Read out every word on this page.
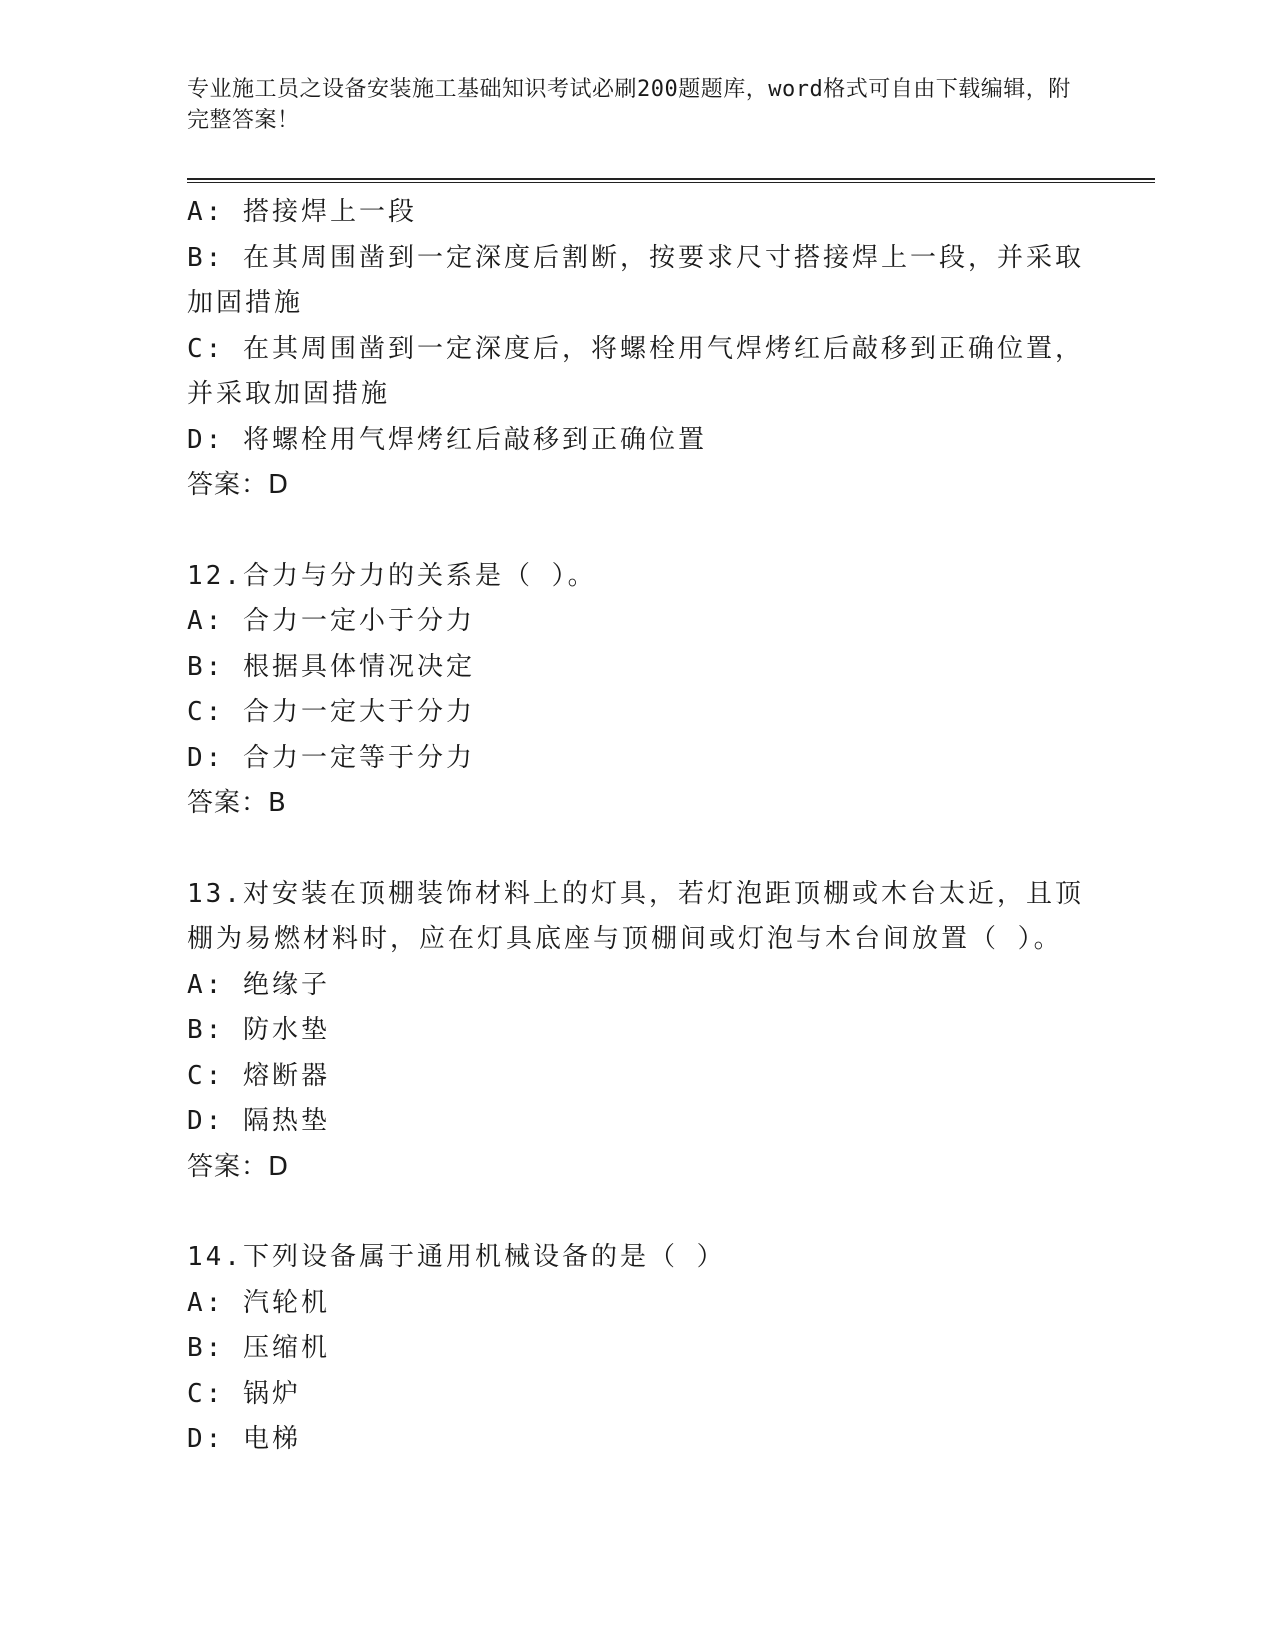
专业施工员之设备安装施工基础知识考试必刷200题题库，word格式可自由下载编辑，附完整答案！
A: 搭接焊上一段
B: 在其周围凿到一定深度后割断，按要求尺寸搭接焊上一段，并采取加固措施
C: 在其周围凿到一定深度后，将螺栓用气焊烤红后敲移到正确位置，并采取加固措施
D: 将螺栓用气焊烤红后敲移到正确位置
答案：D
12.合力与分力的关系是（ ）。
A: 合力一定小于分力
B: 根据具体情况决定
C: 合力一定大于分力
D: 合力一定等于分力
答案：B
13.对安装在顶棚装饰材料上的灯具，若灯泡距顶棚或木台太近，且顶棚为易燃材料时，应在灯具底座与顶棚间或灯泡与木台间放置（ ）。
A: 绝缘子
B: 防水垫
C: 熔断器
D: 隔热垫
答案：D
14.下列设备属于通用机械设备的是（ ）
A: 汽轮机
B: 压缩机
C: 锅炉
D: 电梯
